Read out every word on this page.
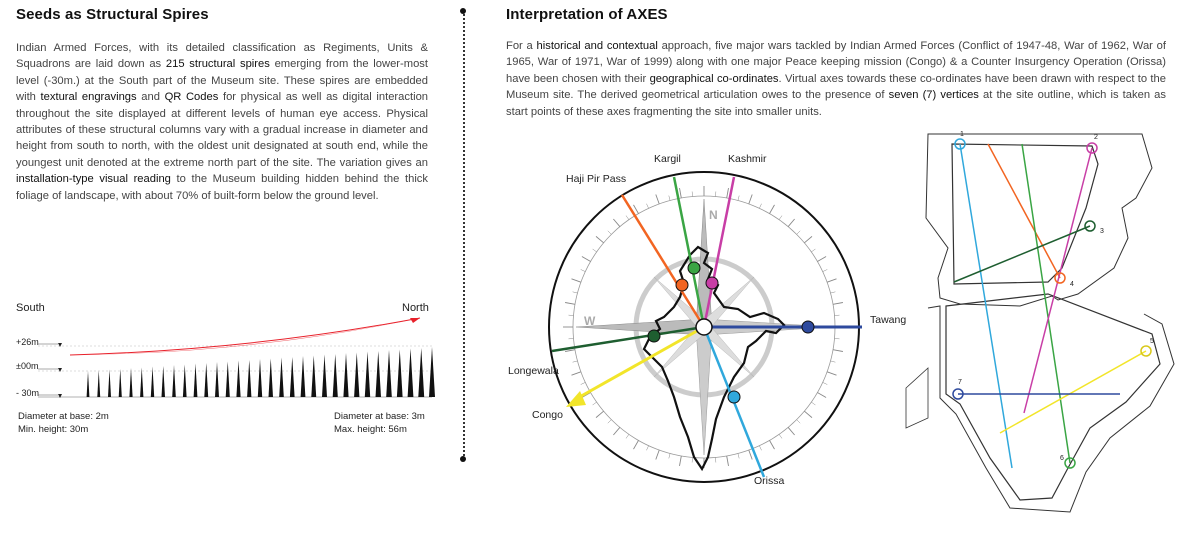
Seeds as Structural Spires

Indian Armed Forces, with its detailed classification as Regiments, Units & Squadrons are laid down as 215 structural spires emerging from the lower-most level (-30m.) at the South part of the Museum site. These spires are embedded with textural engravings and QR Codes for physical as well as digital interaction throughout the site displayed at different levels of human eye access. Physical attributes of these structural columns vary with a gradual increase in diameter and height from south to north, with the oldest unit designated at south end, while the youngest unit denoted at the extreme north part of the site. The variation gives an installation-type visual reading to the Museum building hidden behind the thick foliage of landscape, with about 70% of built-form below the ground level.

South	North
+26m
±00m
- 30m
Diameter at base: 2m
Min. height: 30m
Diameter at base: 3m
Max. height: 56m
Interpretation of AXES

For a historical and contextual approach, five major wars tackled by Indian Armed Forces (Conflict of 1947-48, War of 1962, War of 1965, War of 1971, War of 1999) along with one major Peace keeping mission (Congo) & a Counter Insurgency Operation (Orissa) have been chosen with their geographical co-ordinates. Virtual axes towards these co-ordinates have been drawn with respect to the Museum site. The derived geometrical articulation owes to the presence of seven (7) vertices at the site outline, which is taken as start points of these axes fragmenting the site into smaller units.

N
W
Haji Pir Pass
Kargil	Kashmir
Tawang
Longewala
Congo
Orissa
1	2
3
4
5
6
7
